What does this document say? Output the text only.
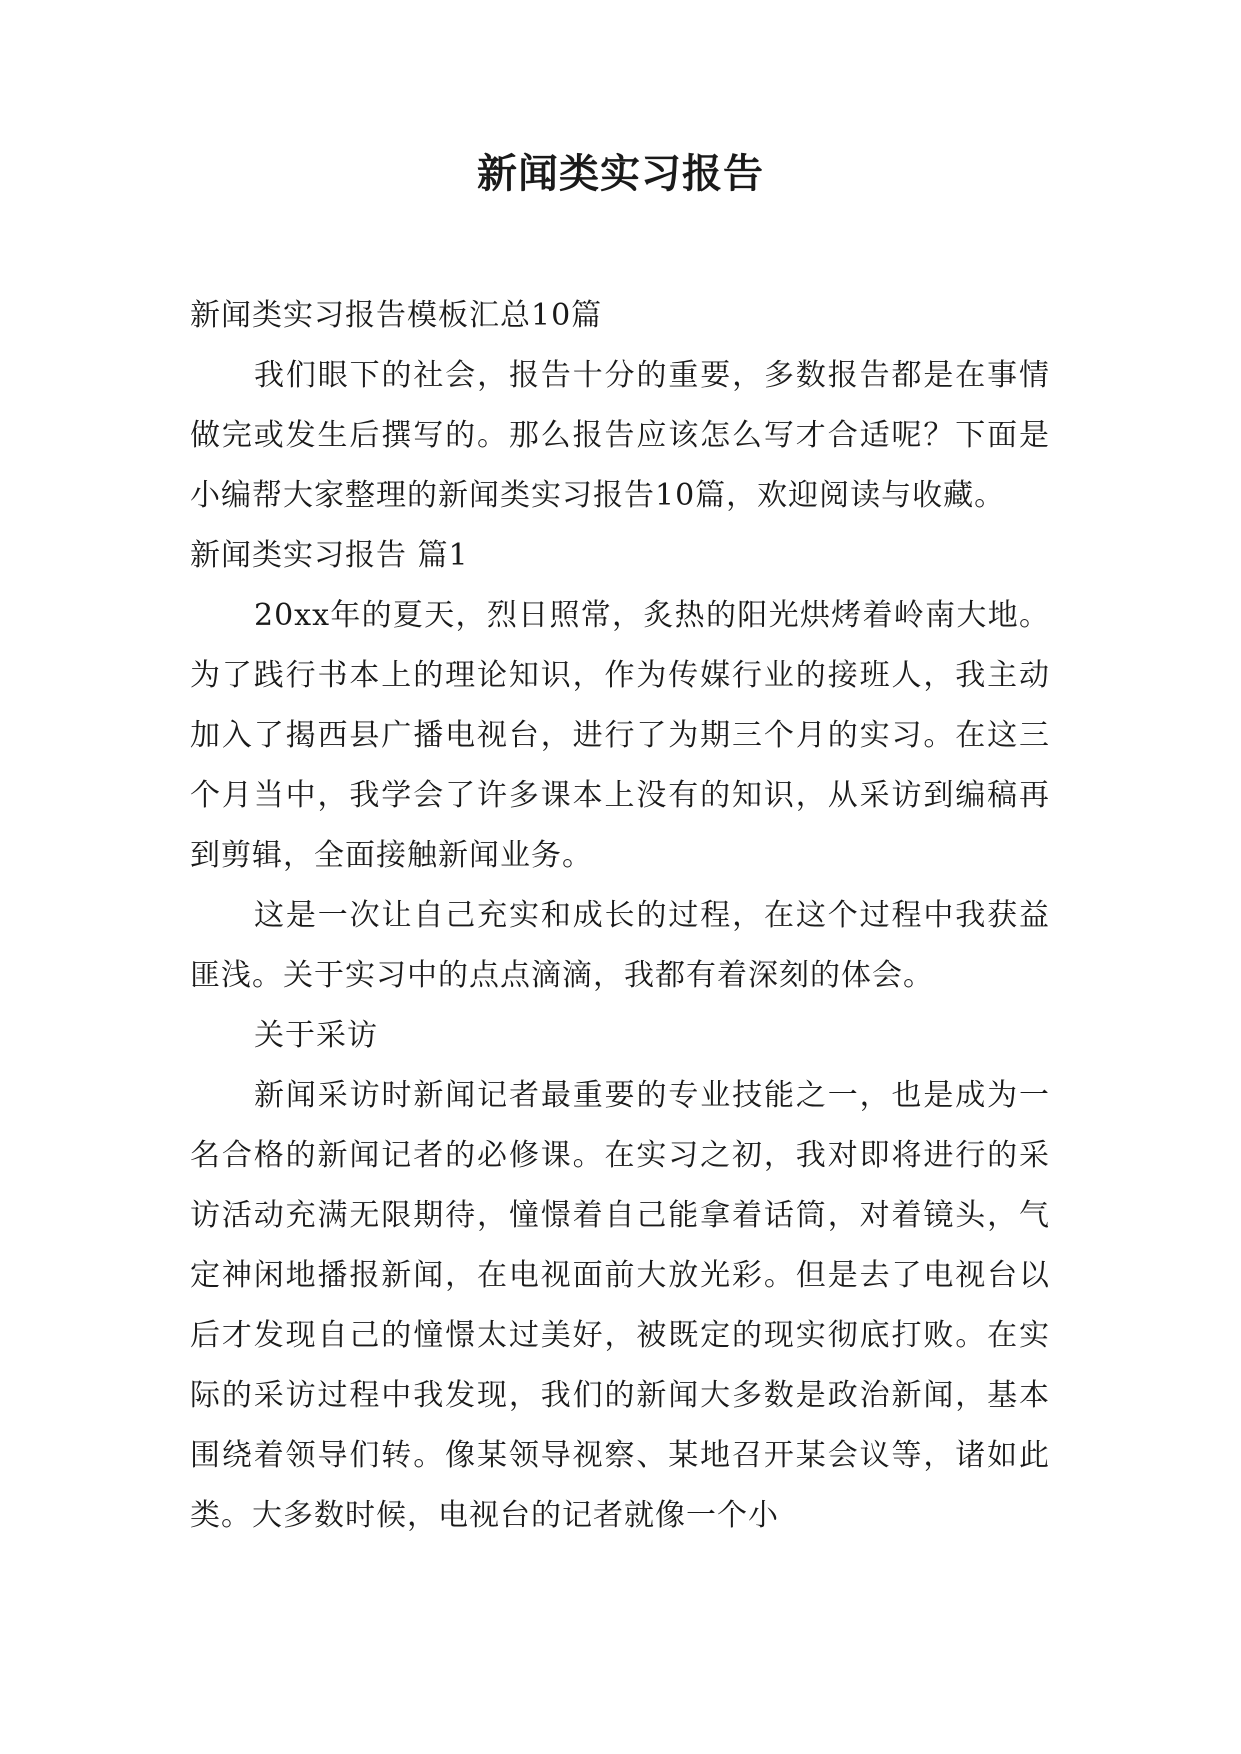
新闻类实习报告

新闻类实习报告模板汇总10篇

我们眼下的社会，报告十分的重要，多数报告都是在事情做完或发生后撰写的。那么报告应该怎么写才合适呢？下面是小编帮大家整理的新闻类实习报告10篇，欢迎阅读与收藏。

新闻类实习报告 篇1

20xx年的夏天，烈日照常，炙热的阳光烘烤着岭南大地。为了践行书本上的理论知识，作为传媒行业的接班人，我主动加入了揭西县广播电视台，进行了为期三个月的实习。在这三个月当中，我学会了许多课本上没有的知识，从采访到编稿再到剪辑，全面接触新闻业务。

这是一次让自己充实和成长的过程，在这个过程中我获益匪浅。关于实习中的点点滴滴，我都有着深刻的体会。

关于采访

新闻采访时新闻记者最重要的专业技能之一，也是成为一名合格的新闻记者的必修课。在实习之初，我对即将进行的采访活动充满无限期待，憧憬着自己能拿着话筒，对着镜头，气定神闲地播报新闻，在电视面前大放光彩。但是去了电视台以后才发现自己的憧憬太过美好，被既定的现实彻底打败。在实际的采访过程中我发现，我们的新闻大多数是政治新闻，基本围绕着领导们转。像某领导视察、某地召开某会议等，诸如此类。大多数时候，电视台的记者就像一个小
